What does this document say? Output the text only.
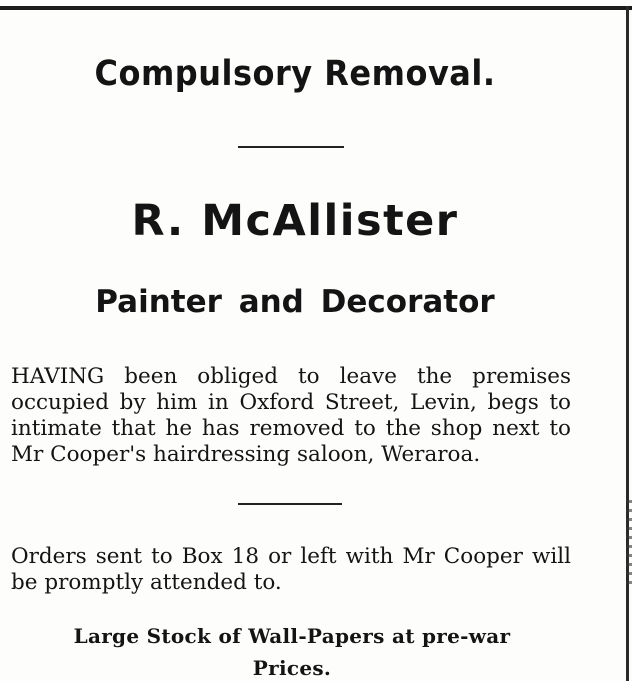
Compulsory Removal.
R. McAllister
Painter and Decorator

HAVING been obliged to leave the premises occupied by him in Oxford Street, Levin, begs to intimate that he has removed to the shop next to Mr Cooper's hairdressing saloon, Weraroa.

Orders sent to Box 18 or left with Mr Cooper will be promptly attended to.

Large Stock of Wall-Papers at pre-war
Prices.
